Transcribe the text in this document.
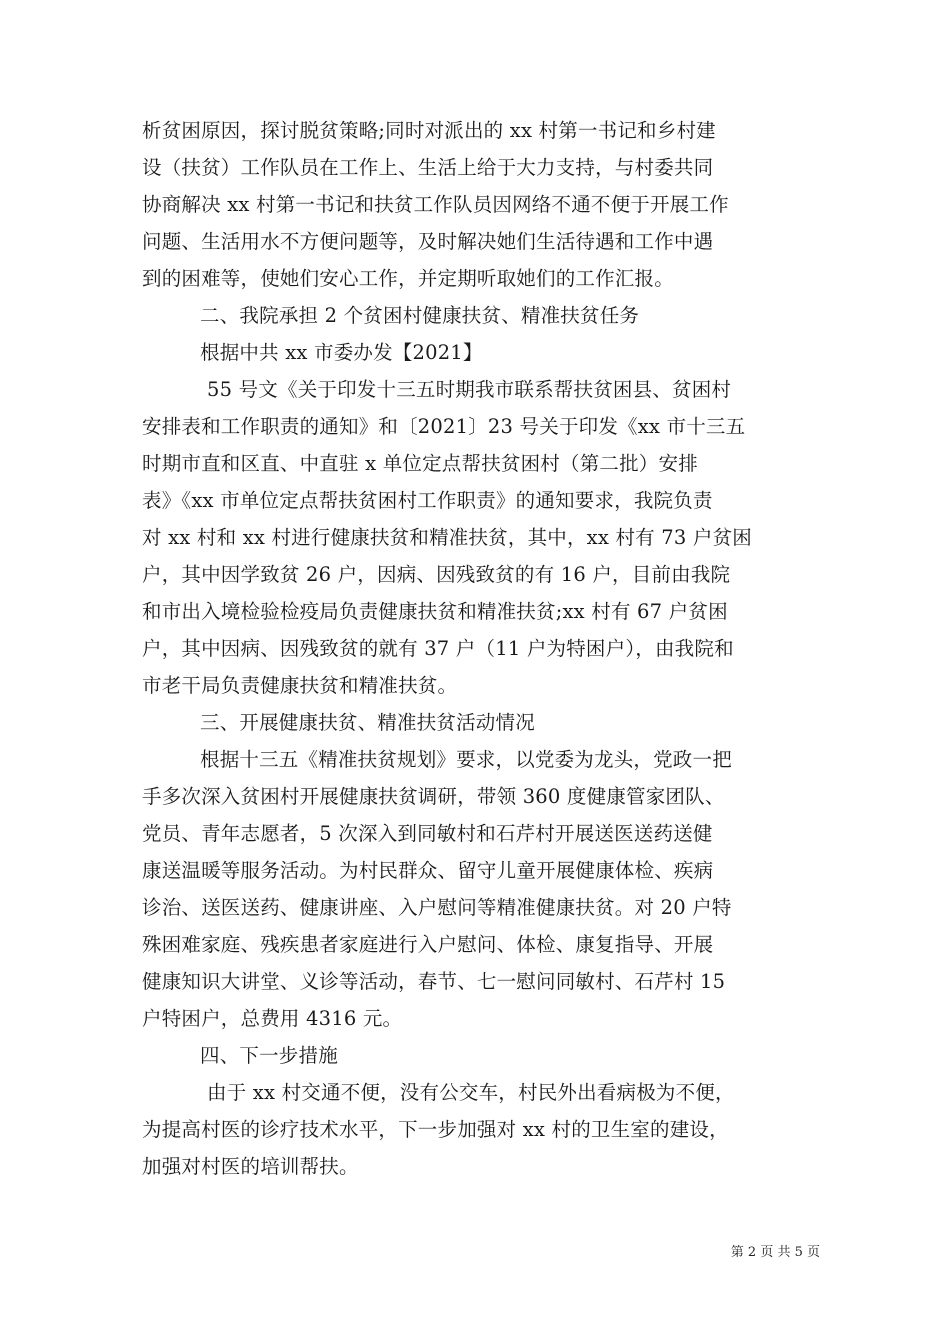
析贫困原因，探讨脱贫策略;同时对派出的 xx 村第一书记和乡村建
设（扶贫）工作队员在工作上、生活上给于大力支持，与村委共同
协商解决 xx 村第一书记和扶贫工作队员因网络不通不便于开展工作
问题、生活用水不方便问题等，及时解决她们生活待遇和工作中遇
到的困难等，使她们安心工作，并定期听取她们的工作汇报。
二、我院承担 2 个贫困村健康扶贫、精准扶贫任务
根据中共 xx 市委办发【2021】
55 号文《关于印发十三五时期我市联系帮扶贫困县、贫困村
安排表和工作职责的通知》和〔2021〕23 号关于印发《xx 市十三五
时期市直和区直、中直驻 x 单位定点帮扶贫困村（第二批）安排
表》《xx 市单位定点帮扶贫困村工作职责》的通知要求，我院负责
对 xx 村和 xx 村进行健康扶贫和精准扶贫，其中，xx 村有 73 户贫困
户，其中因学致贫 26 户，因病、因残致贫的有 16 户，目前由我院
和市出入境检验检疫局负责健康扶贫和精准扶贫;xx 村有 67 户贫困
户，其中因病、因残致贫的就有 37 户（11 户为特困户），由我院和
市老干局负责健康扶贫和精准扶贫。
三、开展健康扶贫、精准扶贫活动情况
根据十三五《精准扶贫规划》要求，以党委为龙头，党政一把
手多次深入贫困村开展健康扶贫调研，带领 360 度健康管家团队、
党员、青年志愿者，5 次深入到同敏村和石芹村开展送医送药送健
康送温暖等服务活动。为村民群众、留守儿童开展健康体检、疾病
诊治、送医送药、健康讲座、入户慰问等精准健康扶贫。对 20 户特
殊困难家庭、残疾患者家庭进行入户慰问、体检、康复指导、开展
健康知识大讲堂、义诊等活动，春节、七一慰问同敏村、石芹村 15
户特困户，总费用 4316 元。
四、下一步措施
由于 xx 村交通不便，没有公交车，村民外出看病极为不便，
为提高村医的诊疗技术水平，下一步加强对 xx 村的卫生室的建设，
加强对村医的培训帮扶。
第 2 页 共 5 页
